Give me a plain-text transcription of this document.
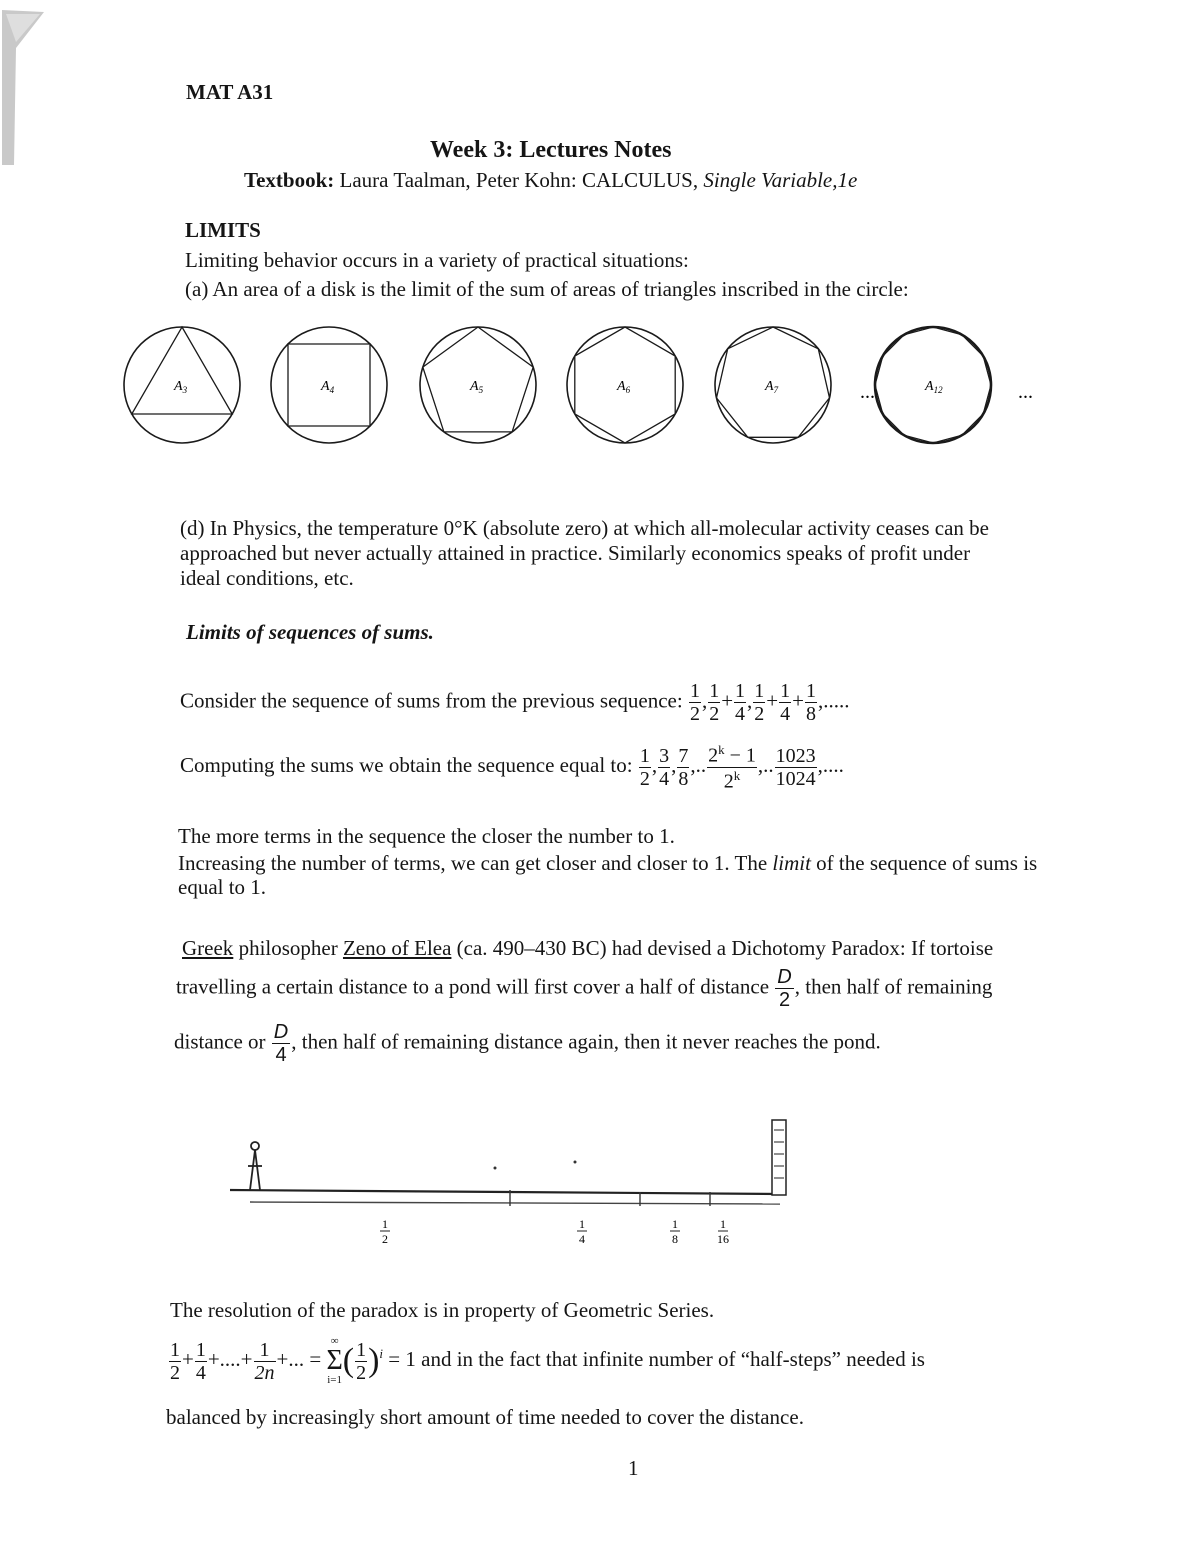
MAT A31
Week 3: Lectures Notes
Textbook: Laura Taalman, Peter Kohn: CALCULUS, Single Variable,1e
LIMITS
Limiting behavior occurs in a variety of practical situations:
(a) An area of a disk is the limit of the sum of areas of triangles inscribed in the circle:
$A_3$	$A_4$	$A_5$	$A_6$	$A_7$	$A_{12}$
...	...
(d) In Physics, the temperature 0°K (absolute zero) at which all-molecular activity ceases can be
approached but never actually attained in practice. Similarly economics speaks of profit under
ideal conditions, etc.
Limits of sequences of sums.
Consider the sequence of sums from the previous sequence: $\frac{1}{2}$ , $\frac{1}{2} + \frac{1}{4}$ , $\frac{1}{2} + \frac{1}{4} + \frac{1}{8}$ ,.....
Computing the sums we obtain the sequence equal to: $\frac{1}{2}$ , $\frac{3}{4}$ , $\frac{7}{8}$ ,.. $\frac{2^k - 1}{2^k}$ ,.. $\frac{1023}{1024}$ ,....
The more terms in the sequence the closer the number to 1.
Increasing the number of terms, we can get closer and closer to 1. The limit of the sequence of sums is
equal to 1.
Greek philosopher Zeno of Elea (ca. 490–430 BC) had devised a Dichotomy Paradox: If tortoise
travelling a certain distance to a pond will first cover a half of distance $\frac{D}{2}$ , then half of remaining
distance or $\frac{D}{4}$ , then half of remaining distance again, then it never reaches the pond.
1
2
1
4
1
8
1
16
The resolution of the paradox is in property of Geometric Series.
$\frac{1}{2} + \frac{1}{4}$ +....+ $\frac{1}{2n}$ +... =
∞
Σ
i=1
( $\frac{1}{2} )^i = 1$ and in the fact that infinite number of “half-steps” needed is
balanced by increasingly short amount of time needed to cover the distance.
1
